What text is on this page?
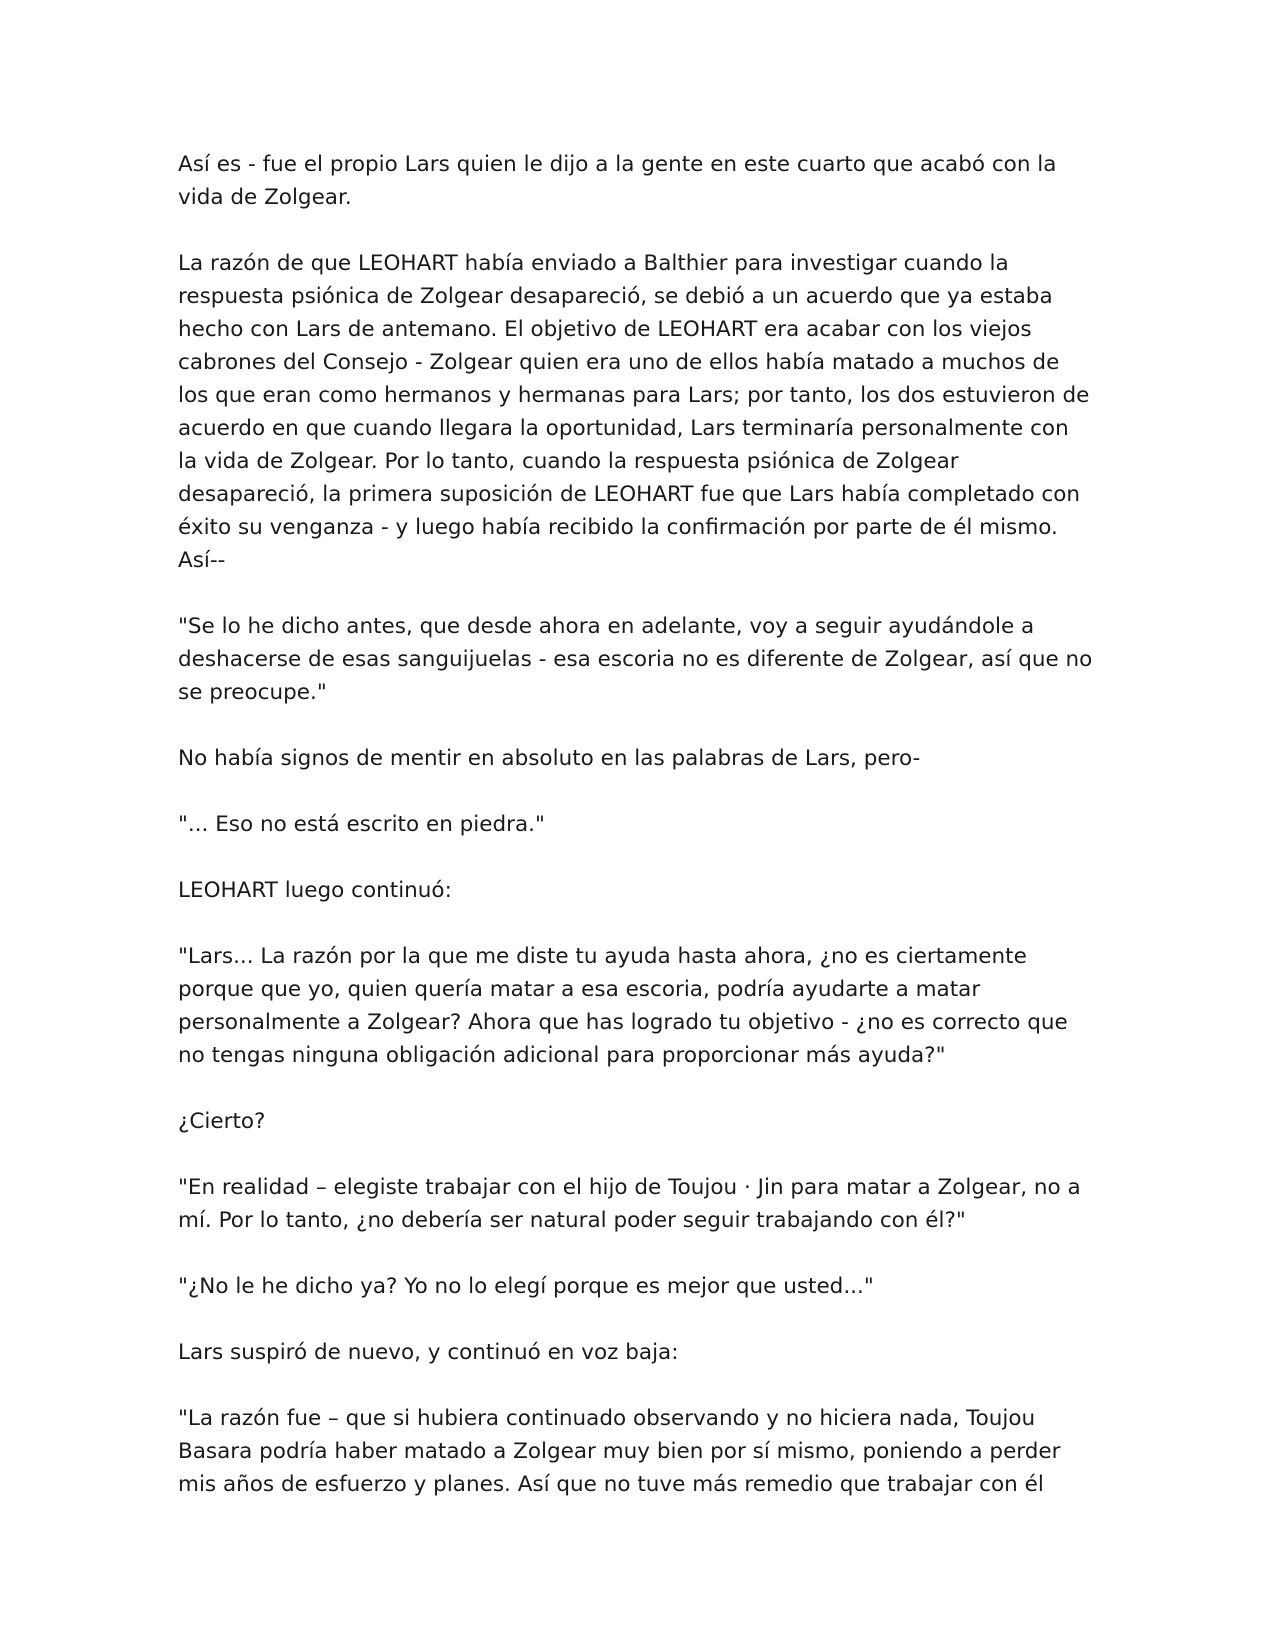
Así es - fue el propio Lars quien le dijo a la gente en este cuarto que acabó con la
vida de Zolgear.

La razón de que LEOHART había enviado a Balthier para investigar cuando la
respuesta psiónica de Zolgear desapareció, se debió a un acuerdo que ya estaba
hecho con Lars de antemano. El objetivo de LEOHART era acabar con los viejos
cabrones del Consejo - Zolgear quien era uno de ellos había matado a muchos de
los que eran como hermanos y hermanas para Lars; por tanto, los dos estuvieron de
acuerdo en que cuando llegara la oportunidad, Lars terminaría personalmente con
la vida de Zolgear. Por lo tanto, cuando la respuesta psiónica de Zolgear
desapareció, la primera suposición de LEOHART fue que Lars había completado con
éxito su venganza - y luego había recibido la confirmación por parte de él mismo.
Así--

"Se lo he dicho antes, que desde ahora en adelante, voy a seguir ayudándole a
deshacerse de esas sanguijuelas - esa escoria no es diferente de Zolgear, así que no
se preocupe."

No había signos de mentir en absoluto en las palabras de Lars, pero-

"... Eso no está escrito en piedra."

LEOHART luego continuó:

"Lars... La razón por la que me diste tu ayuda hasta ahora, ¿no es ciertamente
porque que yo, quien quería matar a esa escoria, podría ayudarte a matar
personalmente a Zolgear? Ahora que has logrado tu objetivo - ¿no es correcto que
no tengas ninguna obligación adicional para proporcionar más ayuda?"

¿Cierto?

"En realidad – elegiste trabajar con el hijo de Toujou · Jin para matar a Zolgear, no a
mí. Por lo tanto, ¿no debería ser natural poder seguir trabajando con él?"

"¿No le he dicho ya? Yo no lo elegí porque es mejor que usted..."

Lars suspiró de nuevo, y continuó en voz baja:

"La razón fue – que si hubiera continuado observando y no hiciera nada, Toujou
Basara podría haber matado a Zolgear muy bien por sí mismo, poniendo a perder
mis años de esfuerzo y planes. Así que no tuve más remedio que trabajar con él
